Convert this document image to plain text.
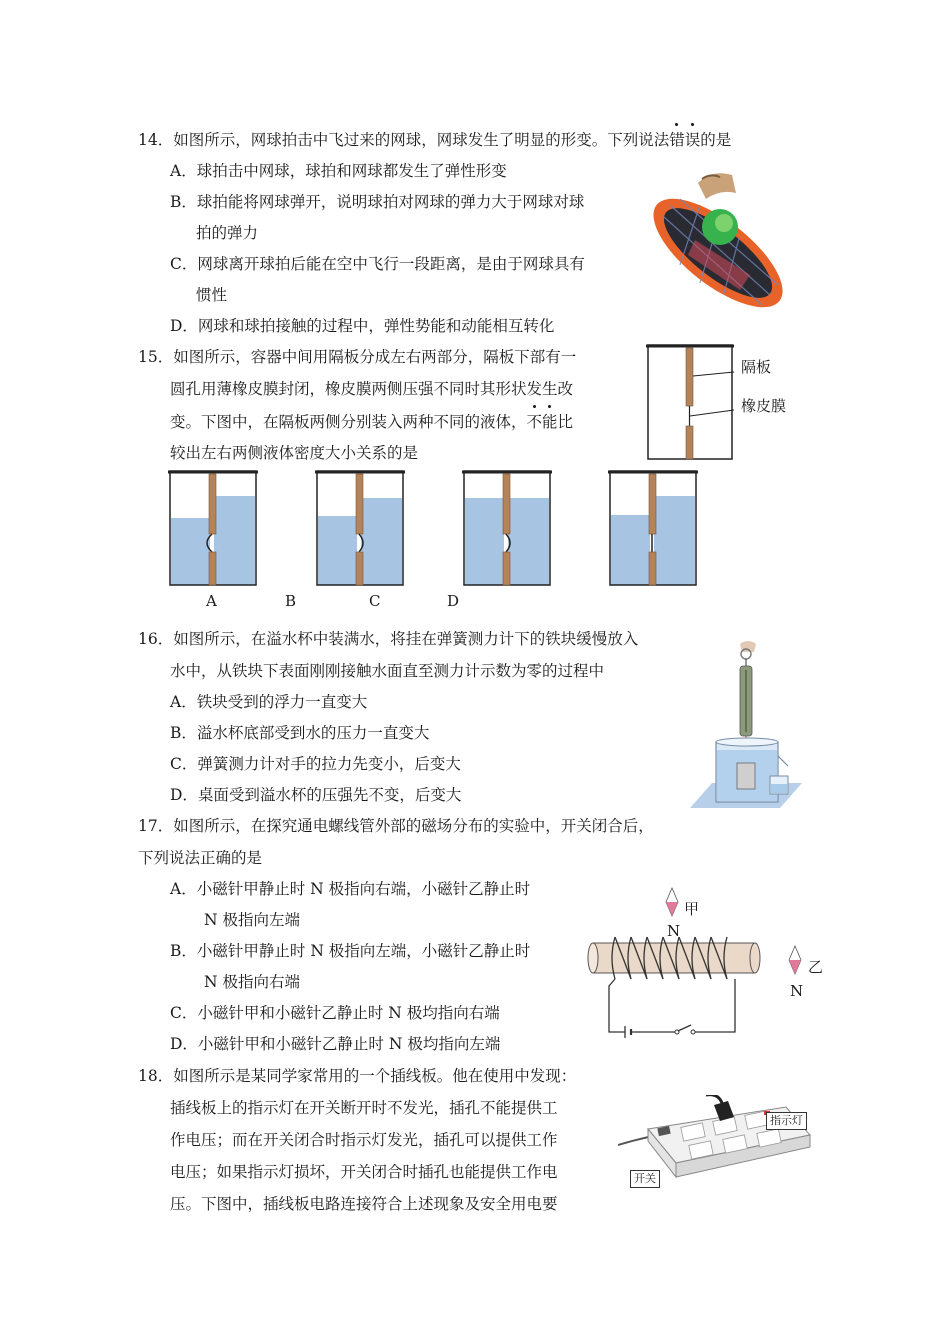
14．如图所示，网球拍击中飞过来的网球，网球发生了明显的形变。下列说法错误的是
A．球拍击中网球，球拍和网球都发生了弹性形变
B．球拍能将网球弹开，说明球拍对网球的弹力大于网球对球
拍的弹力
C．网球离开球拍后能在空中飞行一段距离，是由于网球具有
惯性
D．网球和球拍接触的过程中，弹性势能和动能相互转化
15．如图所示，容器中间用隔板分成左右两部分，隔板下部有一
圆孔用薄橡皮膜封闭，橡皮膜两侧压强不同时其形状发生改
变。下图中，在隔板两侧分别装入两种不同的液体，不能比
较出左右两侧液体密度大小关系的是
隔板
橡皮膜
A	B	C	D
16．如图所示，在溢水杯中装满水，将挂在弹簧测力计下的铁块缓慢放入
水中，从铁块下表面刚刚接触水面直至测力计示数为零的过程中
A．铁块受到的浮力一直变大
B．溢水杯底部受到水的压力一直变大
C．弹簧测力计对手的拉力先变小，后变大
D．桌面受到溢水杯的压强先不变，后变大
17．如图所示，在探究通电螺线管外部的磁场分布的实验中，开关闭合后，
下列说法正确的是
A．小磁针甲静止时 N 极指向右端，小磁针乙静止时
N 极指向左端
B．小磁针甲静止时 N 极指向左端，小磁针乙静止时
N 极指向右端
C．小磁针甲和小磁针乙静止时 N 极均指向右端
D．小磁针甲和小磁针乙静止时 N 极均指向左端
甲
N
乙
N
18．如图所示是某同学家常用的一个插线板。他在使用中发现：
插线板上的指示灯在开关断开时不发光，插孔不能提供工
作电压；而在开关闭合时指示灯发光，插孔可以提供工作
电压；如果指示灯损坏，开关闭合时插孔也能提供工作电
压。下图中，插线板电路连接符合上述现象及安全用电要
指示灯
开关
